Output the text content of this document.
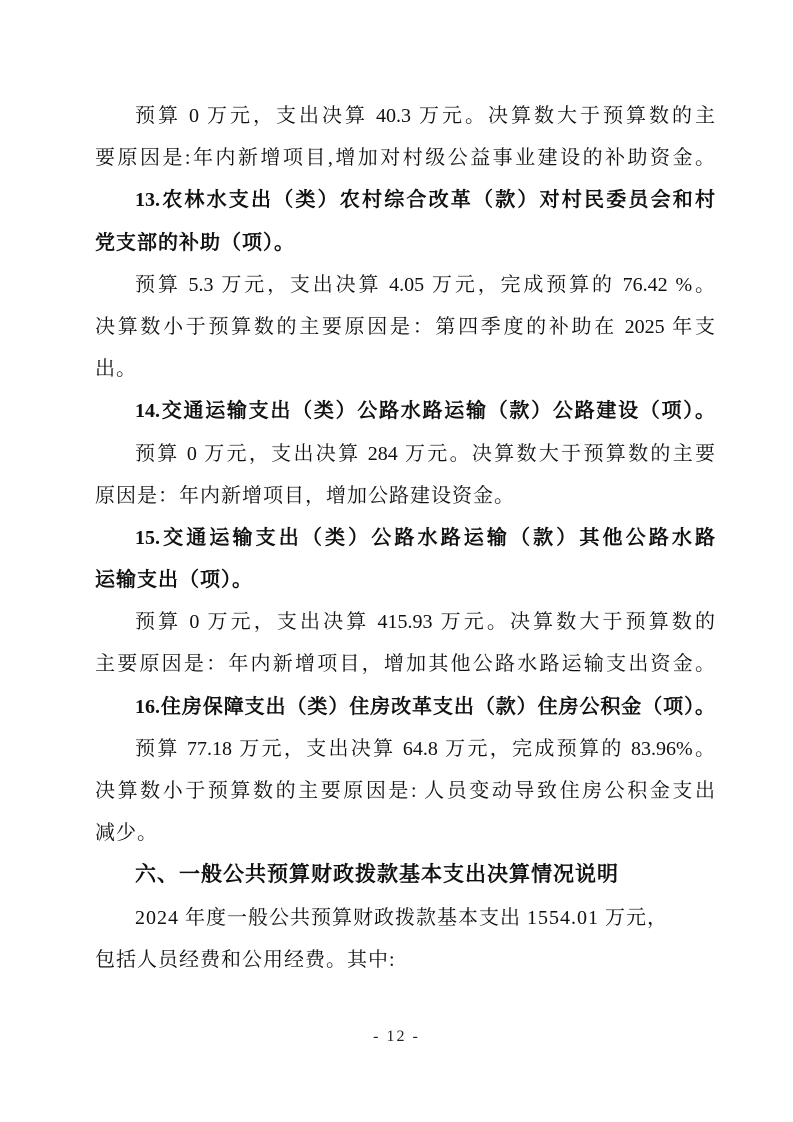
预算 0 万元，支出决算 40.3 万元。决算数大于预算数的主
要原因是:年内新增项目,增加对村级公益事业建设的补助资金。
13.农林水支出（类）农村综合改革（款）对村民委员会和村
党支部的补助（项）。
预算 5.3 万元，支出决算 4.05 万元，完成预算的 76.42 %。
决算数小于预算数的主要原因是：第四季度的补助在 2025 年支
出。
14.交通运输支出（类）公路水路运输（款）公路建设（项）。
预算 0 万元，支出决算 284 万元。决算数大于预算数的主要
原因是：年内新增项目，增加公路建设资金。
15.交通运输支出（类）公路水路运输（款）其他公路水路
运输支出（项）。
预算 0 万元，支出决算 415.93 万元。决算数大于预算数的
主要原因是：年内新增项目，增加其他公路水路运输支出资金。
16.住房保障支出（类）住房改革支出（款）住房公积金（项）。
预算 77.18 万元，支出决算 64.8 万元，完成预算的 83.96%。
决算数小于预算数的主要原因是: 人员变动导致住房公积金支出
减少。
六、一般公共预算财政拨款基本支出决算情况说明
2024 年度一般公共预算财政拨款基本支出 1554.01 万元，
包括人员经费和公用经费。其中:
- 12 -
